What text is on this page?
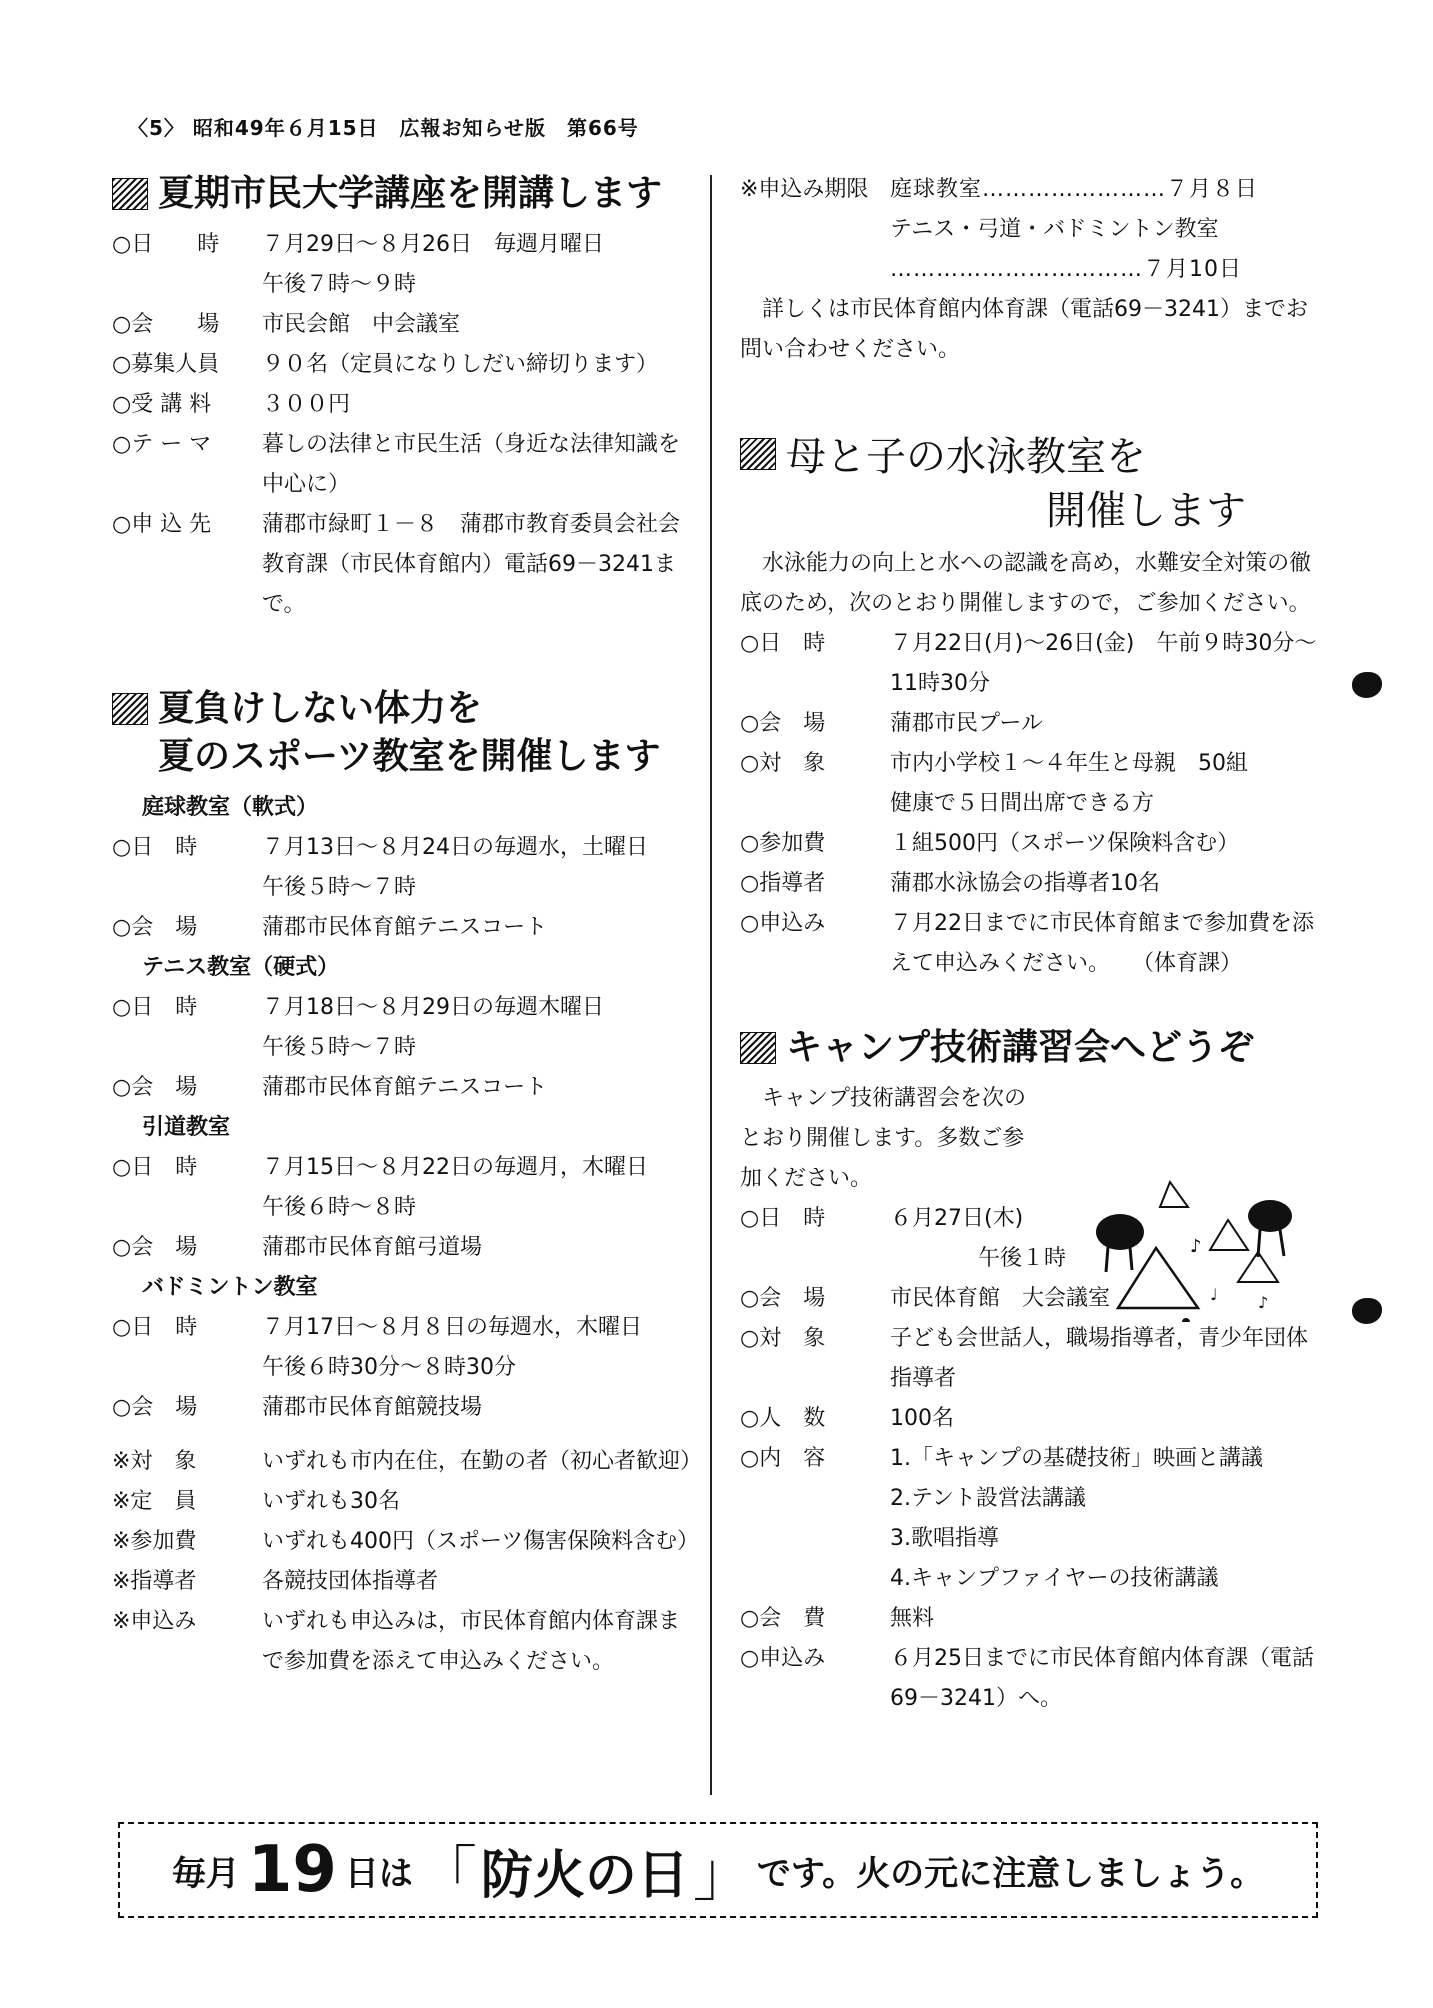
〈5〉 昭和49年６月15日　広報お知らせ版　第66号
夏期市民大学講座を開講します
○日　　時	７月29日～８月26日　毎週月曜日
午後７時～９時
○会　　場	市民会館　中会議室
○募集人員	９０名（定員になりしだい締切ります）
○受 講 料	３００円
○テ ー マ	暮しの法律と市民生活（身近な法律知識を中心に）
○申 込 先	蒲郡市緑町１－８　蒲郡市教育委員会社会教育課（市民体育館内）電話69－3241まで。
夏負けしない体力を
夏のスポーツ教室を開催します
庭球教室（軟式）
○日　時	７月13日～８月24日の毎週水，土曜日
午後５時～７時
○会　場	蒲郡市民体育館テニスコート
テニス教室（硬式）
○日　時	７月18日～８月29日の毎週木曜日
午後５時～７時
○会　場	蒲郡市民体育館テニスコート
引道教室
○日　時	７月15日～８月22日の毎週月，木曜日
午後６時～８時
○会　場	蒲郡市民体育館弓道場
バドミントン教室
○日　時	７月17日～８月８日の毎週水，木曜日
午後６時30分～８時30分
○会　場	蒲郡市民体育館競技場
※対　象	いずれも市内在住，在勤の者（初心者歓迎）
※定　員	いずれも30名
※参加費	いずれも400円（スポーツ傷害保険料含む）
※指導者	各競技団体指導者
※申込み	いずれも申込みは，市民体育館内体育課まで参加費を添えて申込みください。
※申込み期限 庭球教室……………………７月８日
テニス・弓道・バドミントン教室
……………………………７月10日
詳しくは市民体育館内体育課（電話69－3241）までお問い合わせください。
母と子の水泳教室を
開催します
水泳能力の向上と水への認識を高め，水難安全対策の徹底のため，次のとおり開催しますので，ご参加ください。
○日　時	７月22日(月)～26日(金)　午前９時30分～11時30分
○会　場	蒲郡市民プール
○対　象	市内小学校１～４年生と母親　50組
健康で５日間出席できる方
○参加費	１組500円（スポーツ保険料含む）
○指導者	蒲郡水泳協会の指導者10名
○申込み	７月22日までに市民体育館まで参加費を添えて申込みください。　　（体育課）
キャンプ技術講習会へどうぞ
キャンプ技術講習会を次の
とおり開催します。多数ご参
加ください。
○日　時	６月27日(木)
　　　　午後１時
○会　場	市民体育館　大会議室
○対　象	子ども会世話人，職場指導者，青少年団体指導者
○人　数	100名
○内　容	1.「キャンプの基礎技術」映画と講議
2.テント設営法講議
3.歌唱指導
4.キャンプファイヤーの技術講議
○会　費	無料
○申込み	６月25日までに市民体育館内体育課（電話69－3241）へ。
♪
♩	♪
毎月 19 日は 「 防火の日 」 です。火の元に注意しましょう。
